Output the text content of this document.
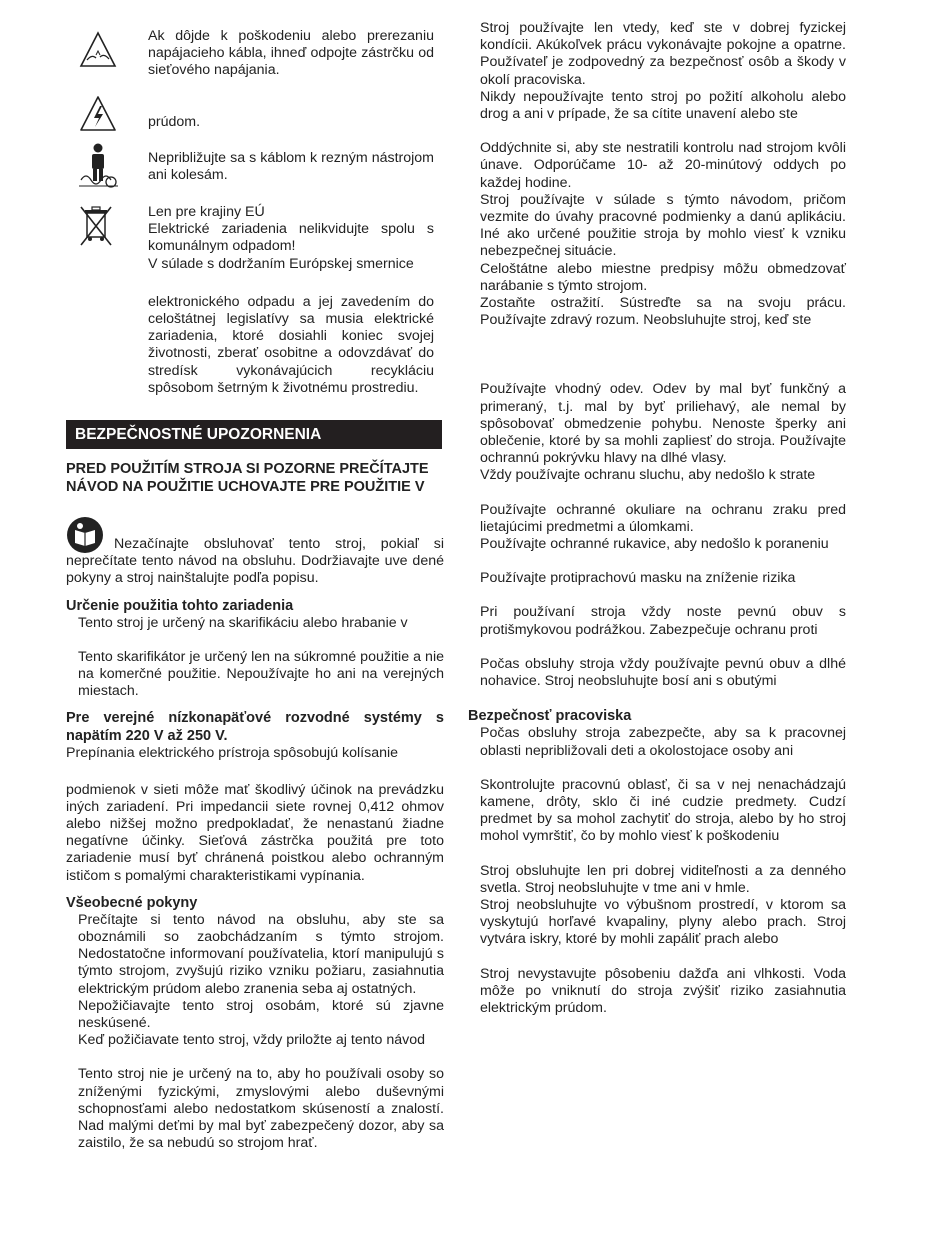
Ak dôjde k poškodeniu alebo prerezaniu napájacieho kábla, ihneď odpojte zástrčku od sieťového napájania.

prúdom.

Nepribližujte sa s káblom k rezným nástrojom ani kolesám.

Len pre krajiny EÚ

Elektrické zariadenia nelikvidujte spolu s komunálnym odpadom!

V súlade s dodržaním Európskej smernice

elektronického odpadu a jej zavedením do celoštátnej legislatívy sa musia elektrické zariadenia, ktoré dosiahli koniec svojej životnosti, zberať osobitne a odovzdávať do stredísk vykonávajúcich recykláciu spôsobom šetrným k životnému prostrediu.

BEZPEČNOSTNÉ UPOZORNENIA

PRED POUŽITÍM STROJA SI POZORNE PREČÍTAJTE NÁVOD NA POUŽITIE UCHOVAJTE PRE POUŽITIE V

Nezačínajte obsluhovať tento stroj, pokiaľ si neprečítate tento návod na obsluhu. Dodržiavajte uve dené pokyny a stroj nainštalujte podľa popisu.

Určenie použitia tohto zariadenia

Tento stroj je určený na skarifikáciu alebo hrabanie v

Tento skarifikátor je určený len na súkromné použitie a nie na komerčné použitie. Nepoužívajte ho ani na verejných miestach.

Pre verejné nízkonapäťové rozvodné systémy s napätím 220 V až 250 V.

Prepínania elektrického prístroja spôsobujú kolísanie

podmienok v sieti môže mať škodlivý účinok na prevádzku iných zariadení. Pri impedancii siete rovnej 0,412 ohmov alebo nižšej možno predpokladať, že nenastanú žiadne negatívne účinky. Sieťová zástrčka použitá pre toto zariadenie musí byť chránená poistkou alebo ochranným ističom s pomalými charakteristikami vypínania.

Všeobecné pokyny

Prečítajte si tento návod na obsluhu, aby ste sa oboznámili so zaobchádzaním s týmto strojom. Nedostatočne informovaní používatelia, ktorí manipulujú s týmto strojom, zvyšujú riziko vzniku požiaru, zasiahnutia elektrickým prúdom alebo zranenia seba aj ostatných.

Nepožičiavajte tento stroj osobám, ktoré sú zjavne neskúsené.

Keď požičiavate tento stroj, vždy priložte aj tento návod

Tento stroj nie je určený na to, aby ho používali osoby so zníženými fyzickými, zmyslovými alebo duševnými schopnosťami alebo nedostatkom skúseností a znalostí. Nad malými deťmi by mal byť zabezpečený dozor, aby sa zaistilo, že sa nebudú so strojom hrať.

Stroj používajte len vtedy, keď ste v dobrej fyzickej kondícii. Akúkoľvek prácu vykonávajte pokojne a opatrne. Používateľ je zodpovedný za bezpečnosť osôb a škody v okolí pracoviska.

Nikdy nepoužívajte tento stroj po požití alkoholu alebo drog a ani v prípade, že sa cítite unavení alebo ste

Oddýchnite si, aby ste nestratili kontrolu nad strojom kvôli únave. Odporúčame 10- až 20-minútový oddych po každej hodine.

Stroj používajte v súlade s týmto návodom, pričom vezmite do úvahy pracovné podmienky a danú aplikáciu. Iné ako určené použitie stroja by mohlo viesť k vzniku nebezpečnej situácie.

Celoštátne alebo miestne predpisy môžu obmedzovať narábanie s týmto strojom.

Zostaňte ostražití. Sústreďte sa na svoju prácu. Používajte zdravý rozum. Neobsluhujte stroj, keď ste

Používajte vhodný odev. Odev by mal byť funkčný a primeraný, t.j. mal by byť priliehavý, ale nemal by spôsobovať obmedzenie pohybu. Nenoste šperky ani oblečenie, ktoré by sa mohli zapliesť do stroja. Používajte ochrannú pokrývku hlavy na dlhé vlasy.

Vždy používajte ochranu sluchu, aby nedošlo k strate

Používajte ochranné okuliare na ochranu zraku pred lietajúcimi predmetmi a úlomkami.

Používajte ochranné rukavice, aby nedošlo k poraneniu

Používajte protiprachovú masku na zníženie rizika

Pri používaní stroja vždy noste pevnú obuv s protišmykovou podrážkou. Zabezpečuje ochranu proti

Počas obsluhy stroja vždy používajte pevnú obuv a dlhé nohavice. Stroj neobsluhujte bosí ani s obutými

Bezpečnosť pracoviska

Počas obsluhy stroja zabezpečte, aby sa k pracovnej oblasti nepribližovali deti a okolostojace osoby ani

Skontrolujte pracovnú oblasť, či sa v nej nenachádzajú kamene, drôty, sklo či iné cudzie predmety. Cudzí predmet by sa mohol zachytiť do stroja, alebo by ho stroj mohol vymrštiť, čo by mohlo viesť k poškodeniu

Stroj obsluhujte len pri dobrej viditeľnosti a za denného svetla. Stroj neobsluhujte v tme ani v hmle.

Stroj neobsluhujte vo výbušnom prostredí, v ktorom sa vyskytujú horľavé kvapaliny, plyny alebo prach. Stroj vytvára iskry, ktoré by mohli zapáliť prach alebo

Stroj nevystavujte pôsobeniu dažďa ani vlhkosti. Voda môže po vniknutí do stroja zvýšiť riziko zasiahnutia elektrickým prúdom.
